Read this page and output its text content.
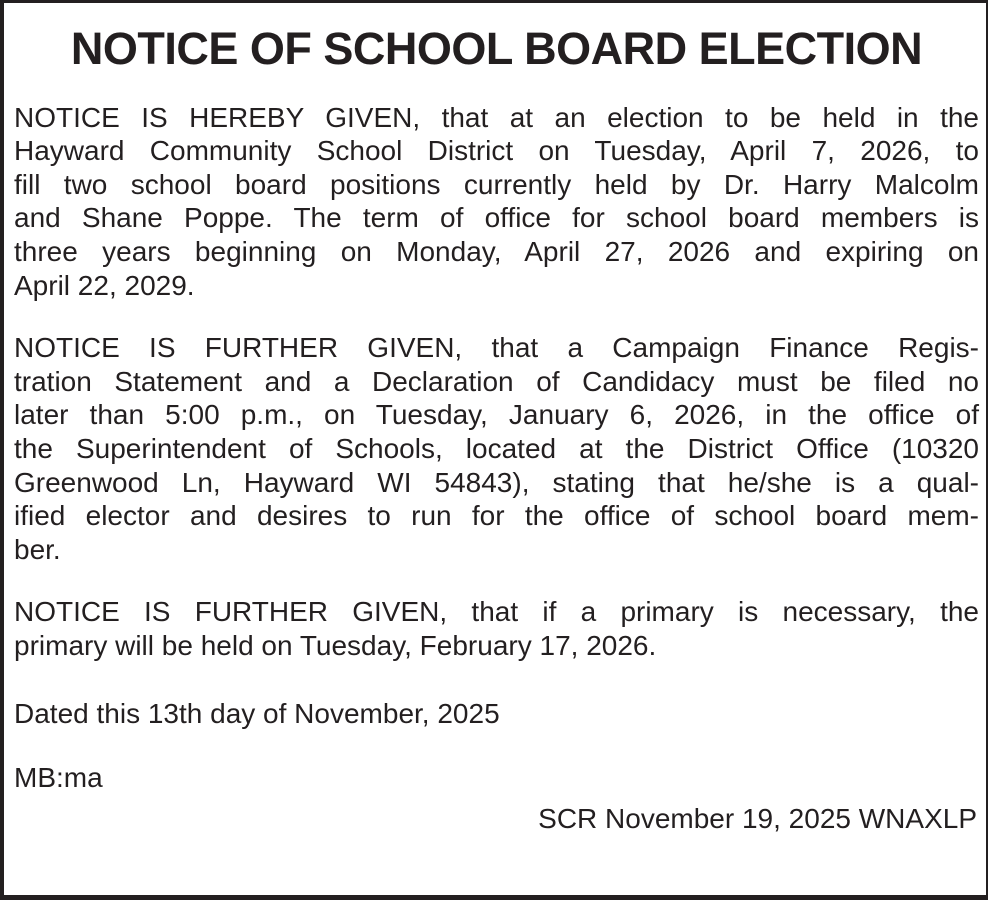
NOTICE OF SCHOOL BOARD ELECTION
NOTICE IS HEREBY GIVEN, that at an election to be held in the
Hayward Community School District on Tuesday, April 7, 2026, to
fill two school board positions currently held by Dr. Harry Malcolm
and Shane Poppe. The term of office for school board members is
three years beginning on Monday, April 27, 2026 and expiring on
April 22, 2029.
NOTICE IS FURTHER GIVEN, that a Campaign Finance Regis-
tration Statement and a Declaration of Candidacy must be filed no
later than 5:00 p.m., on Tuesday, January 6, 2026, in the office of
the Superintendent of Schools, located at the District Office (10320
Greenwood Ln, Hayward WI 54843), stating that he/she is a qual-
ified elector and desires to run for the office of school board mem-
ber.
NOTICE IS FURTHER GIVEN, that if a primary is necessary, the
primary will be held on Tuesday, February 17, 2026.
Dated this 13th day of November, 2025
MB:ma
SCR November 19, 2025 WNAXLP
